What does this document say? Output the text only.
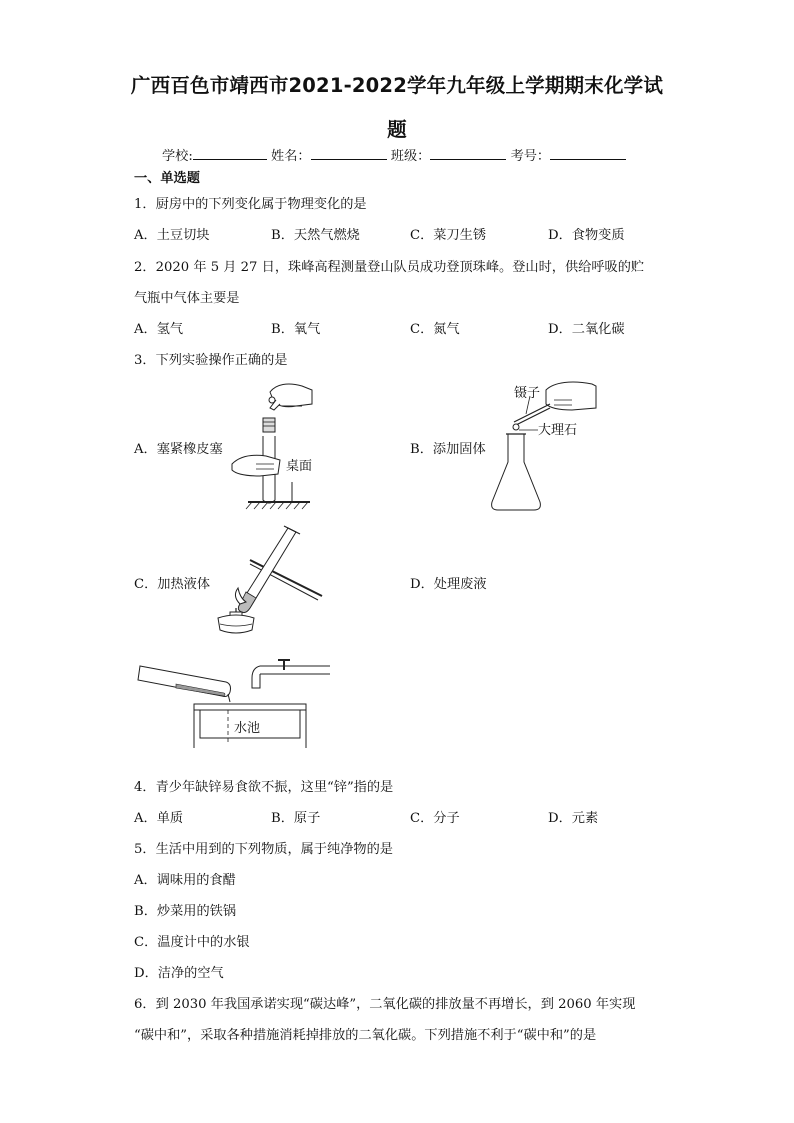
广西百色市靖西市2021-2022学年九年级上学期期末化学试
题
学校:	姓名：	班级：	考号：
一、单选题
1．厨房中的下列变化属于物理变化的是
A．土豆切块	B．天然气燃烧	C．菜刀生锈	D．食物变质
2．2020 年 5 月 27 日，珠峰高程测量登山队员成功登顶珠峰。登山时，供给呼吸的贮
气瓶中气体主要是
A．氢气	B．氧气	C．氮气	D．二氧化碳
3．下列实验操作正确的是
A．塞紧橡皮塞
桌面
B．添加固体
镊子
大理石
C．加热液体	D．处理废液
水池
4．青少年缺锌易食欲不振，这里“锌”指的是
A．单质	B．原子	C．分子	D．元素
5．生活中用到的下列物质，属于纯净物的是
A．调味用的食醋
B．炒菜用的铁锅
C．温度计中的水银
D．洁净的空气
6．到 2030 年我国承诺实现“碳达峰”，二氧化碳的排放量不再增长，到 2060 年实现
“碳中和”，采取各种措施消耗掉排放的二氧化碳。下列措施不利于“碳中和”的是
